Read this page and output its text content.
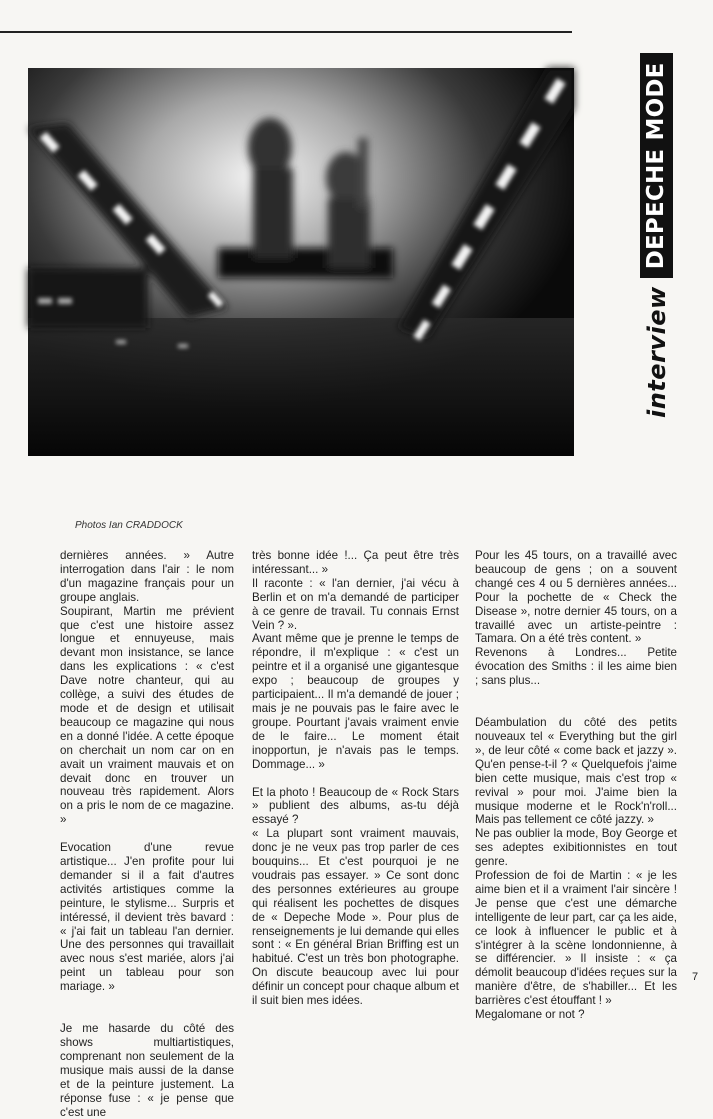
interview
DEPECHE MODE
Photos Ian CRADDOCK

dernières années. » Autre interrogation dans l'air : le nom d'un magazine français pour un groupe anglais.

Soupirant, Martin me prévient que c'est une histoire assez longue et ennuyeuse, mais devant mon insistance, se lance dans les explications : « c'est Dave notre chanteur, qui au collège, a suivi des études de mode et de design et utilisait beaucoup ce magazine qui nous en a donné l'idée. A cette époque on cherchait un nom car on en avait un vraiment mauvais et on devait donc en trouver un nouveau très rapidement. Alors on a pris le nom de ce magazine. »

Evocation d'une revue artistique... J'en profite pour lui demander si il a fait d'autres activités artistiques comme la peinture, le stylisme... Surpris et intéressé, il devient très bavard : « j'ai fait un tableau l'an dernier. Une des personnes qui travaillait avec nous s'est mariée, alors j'ai peint un tableau pour son mariage. »

Je me hasarde du côté des shows multiartistiques, comprenant non seulement de la musique mais aussi de la danse et de la peinture justement. La réponse fuse : « je pense que c'est une

très bonne idée !... Ça peut être très intéressant... »

Il raconte : « l'an dernier, j'ai vécu à Berlin et on m'a demandé de participer à ce genre de travail. Tu connais Ernst Vein ? ».

Avant même que je prenne le temps de répondre, il m'explique : « c'est un peintre et il a organisé une gigantesque expo ; beaucoup de groupes y participaient... Il m'a demandé de jouer ; mais je ne pouvais pas le faire avec le groupe. Pourtant j'avais vraiment envie de le faire... Le moment était inopportun, je n'avais pas le temps. Dommage... »

Et la photo ! Beaucoup de « Rock Stars » publient des albums, as-tu déjà essayé ?

« La plupart sont vraiment mauvais, donc je ne veux pas trop parler de ces bouquins... Et c'est pourquoi je ne voudrais pas essayer. » Ce sont donc des personnes extérieures au groupe qui réalisent les pochettes de disques de « Depeche Mode ». Pour plus de renseignements je lui demande qui elles sont : « En général Brian Briffing est un habitué. C'est un très bon photographe. On discute beaucoup avec lui pour définir un concept pour chaque album et il suit bien mes idées.

Pour les 45 tours, on a travaillé avec beaucoup de gens ; on a souvent changé ces 4 ou 5 dernières années... Pour la pochette de « Check the Disease », notre dernier 45 tours, on a travaillé avec un artiste-peintre : Tamara. On a été très content. »

Revenons à Londres... Petite évocation des Smiths : il les aime bien ; sans plus...

Déambulation du côté des petits nouveaux tel « Everything but the girl », de leur côté « come back et jazzy ». Qu'en pense-t-il ? « Quelquefois j'aime bien cette musique, mais c'est trop « revival » pour moi. J'aime bien la musique moderne et le Rock'n'roll... Mais pas tellement ce côté jazzy. »

Ne pas oublier la mode, Boy George et ses adeptes exibitionnistes en tout genre.

Profession de foi de Martin : « je les aime bien et il a vraiment l'air sincère ! Je pense que c'est une démarche intelligente de leur part, car ça les aide, ce look à influencer le public et à s'intégrer à la scène londonnienne, à se différencier. » Il insiste : « ça démolit beaucoup d'idées reçues sur la manière d'être, de s'habiller... Et les barrières c'est étouffant ! »

Megalomane or not ?

7
